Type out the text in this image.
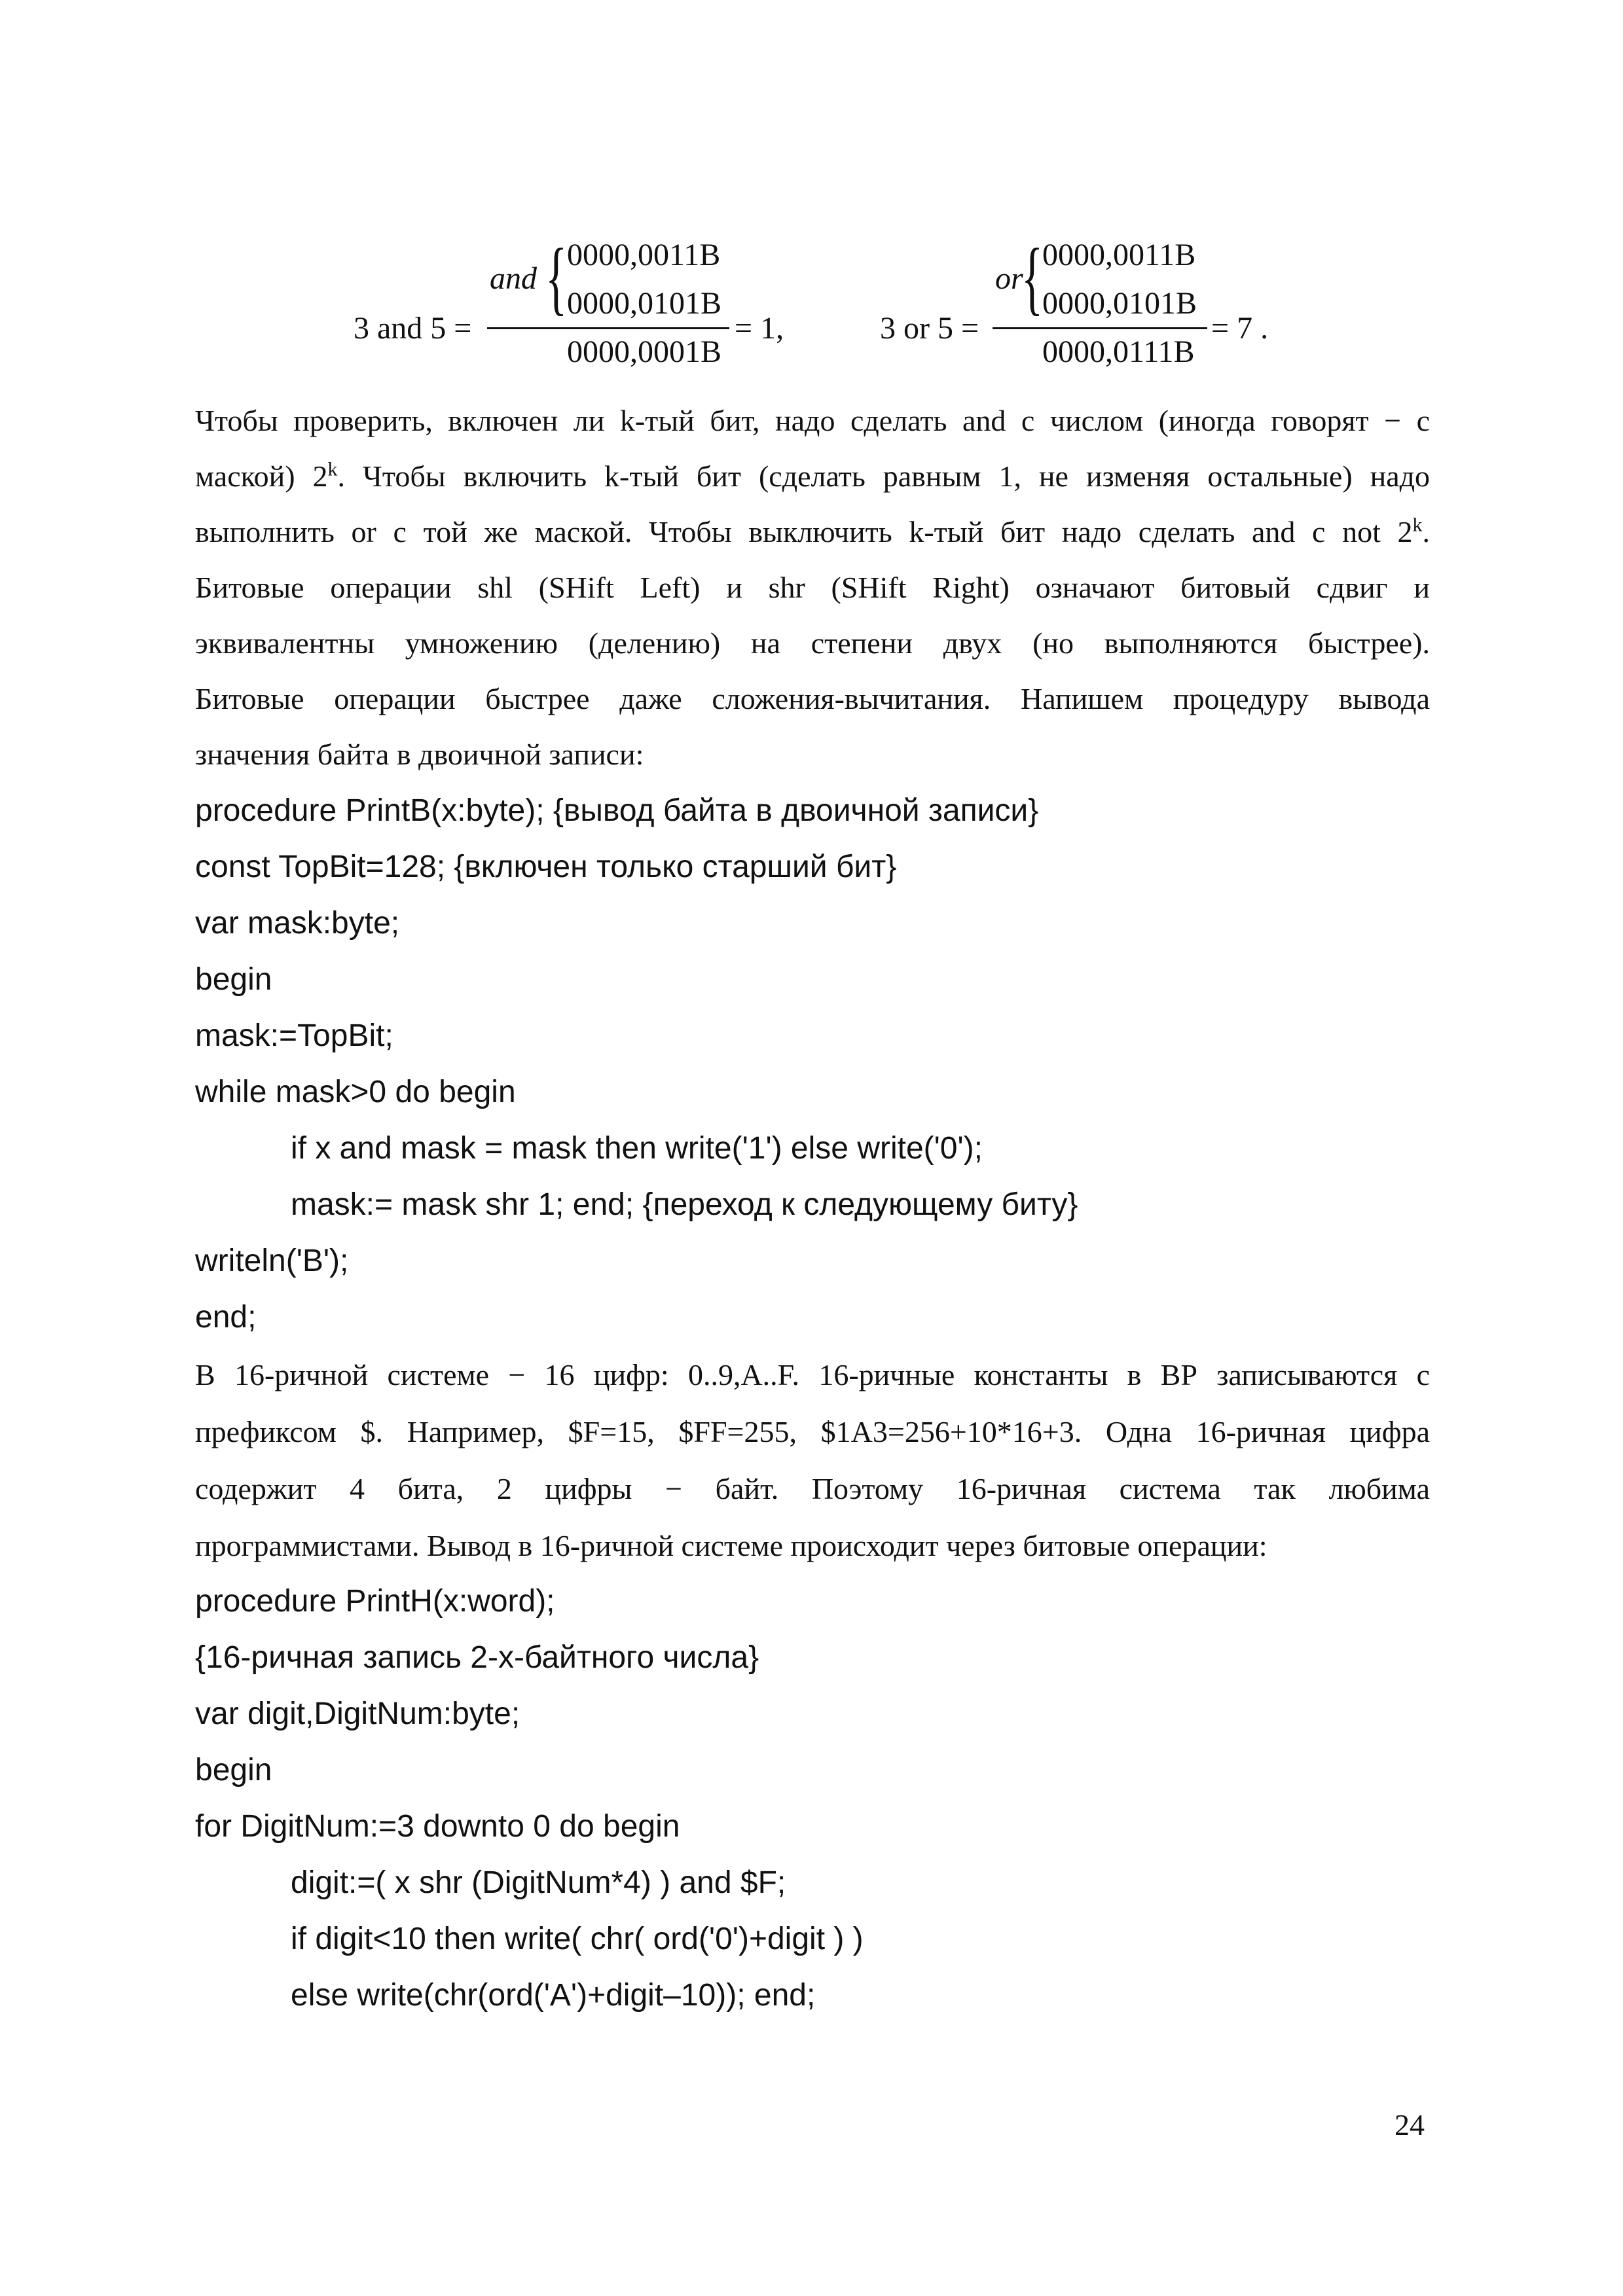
3 and 5 =
and { 0000,0011B
0000,0101B
0000,0001B
= 1,	3 or 5 =
or
{
0000,0011B
0000,0101B
0000,0111B
= 7 .

Чтобы проверить, включен ли k-тый бит, надо сделать and с числом (иногда говорят − с

маской) 2$^k$. Чтобы включить k-тый бит (сделать равным 1, не изменяя остальные) надо

выполнить or с той же маской. Чтобы выключить k-тый бит надо сделать and с not 2$^k$.

Битовые операции shl (SHift Left) и shr (SHift Right) означают битовый сдвиг и

эквивалентны умножению (делению) на степени двух (но выполняются быстрее).

Битовые операции быстрее даже сложения-вычитания. Напишем процедуру вывода

значения байта в двоичной записи:

procedure PrintB(x:byte); {вывод байта в двоичной записи}

const TopBit=128; {включен только старший бит}

var mask:byte;

begin

mask:=TopBit;

while mask>0 do begin

if x and mask = mask then write('1') else write('0');

mask:= mask shr 1; end; {переход к следующему биту}

writeln('B');

end;

В 16-ричной системе − 16 цифр: 0..9,A..F. 16-ричные константы в ВР записываются с

префиксом $. Например, $F=15, $FF=255, $1A3=256+10*16+3. Одна 16-ричная цифра

содержит 4 бита, 2 цифры − байт. Поэтому 16-ричная система так любима

программистами. Вывод в 16-ричной системе происходит через битовые операции:

procedure PrintH(x:word);

{16-ричная запись 2-х-байтного числа}

var digit,DigitNum:byte;

begin

for DigitNum:=3 downto 0 do begin

digit:=( x shr (DigitNum*4) ) and $F;

if digit<10 then write( chr( ord('0')+digit ) )

else write(chr(ord('A')+digit–10)); end;

24
